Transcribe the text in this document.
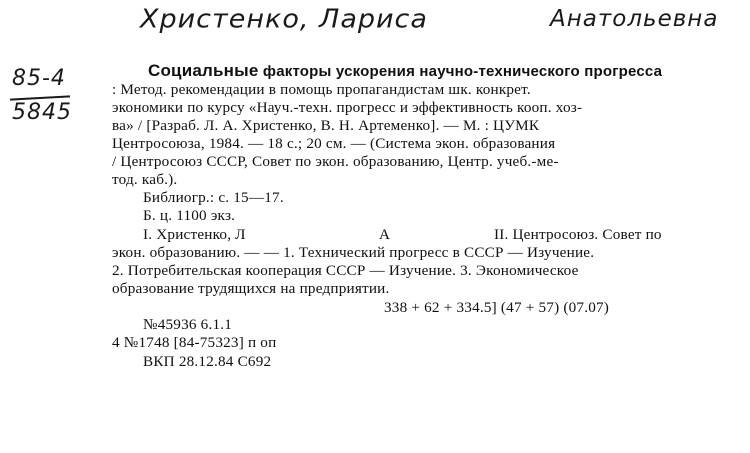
Христенко, Лариса	Анатольевна
85-4
5845
Социальные факторы ускорения научно-технического прогресса
: Метод. рекомендации в помощь пропагандистам шк. конкрет.
экономики по курсу «Науч.-техн. прогресс и эффективность кооп. хоз-
ва» / [Разраб. Л. А. Христенко, В. Н. Артеменко]. — М. : ЦУМК
Центросоюза, 1984. — 18 с.; 20 см. — (Система экон. образования
/ Центросоюз СССР, Совет по экон. образованию, Центр. учеб.-ме-
тод. каб.).
Библиогр.: с. 15—17.
Б. ц. 1100 экз.
I. Христенко, Л	А	II. Центросоюз. Совет по
экон. образованию. — — 1. Технический прогресс в СССР — Изучение.
2. Потребительская кооперация СССР — Изучение. 3. Экономическое
образование трудящихся на предприятии.
338 + 62 + 334.5] (47 + 57) (07.07)
№45936 6.1.1
4 №1748 [84-75323] п оп
ВКП 28.12.84 С692
